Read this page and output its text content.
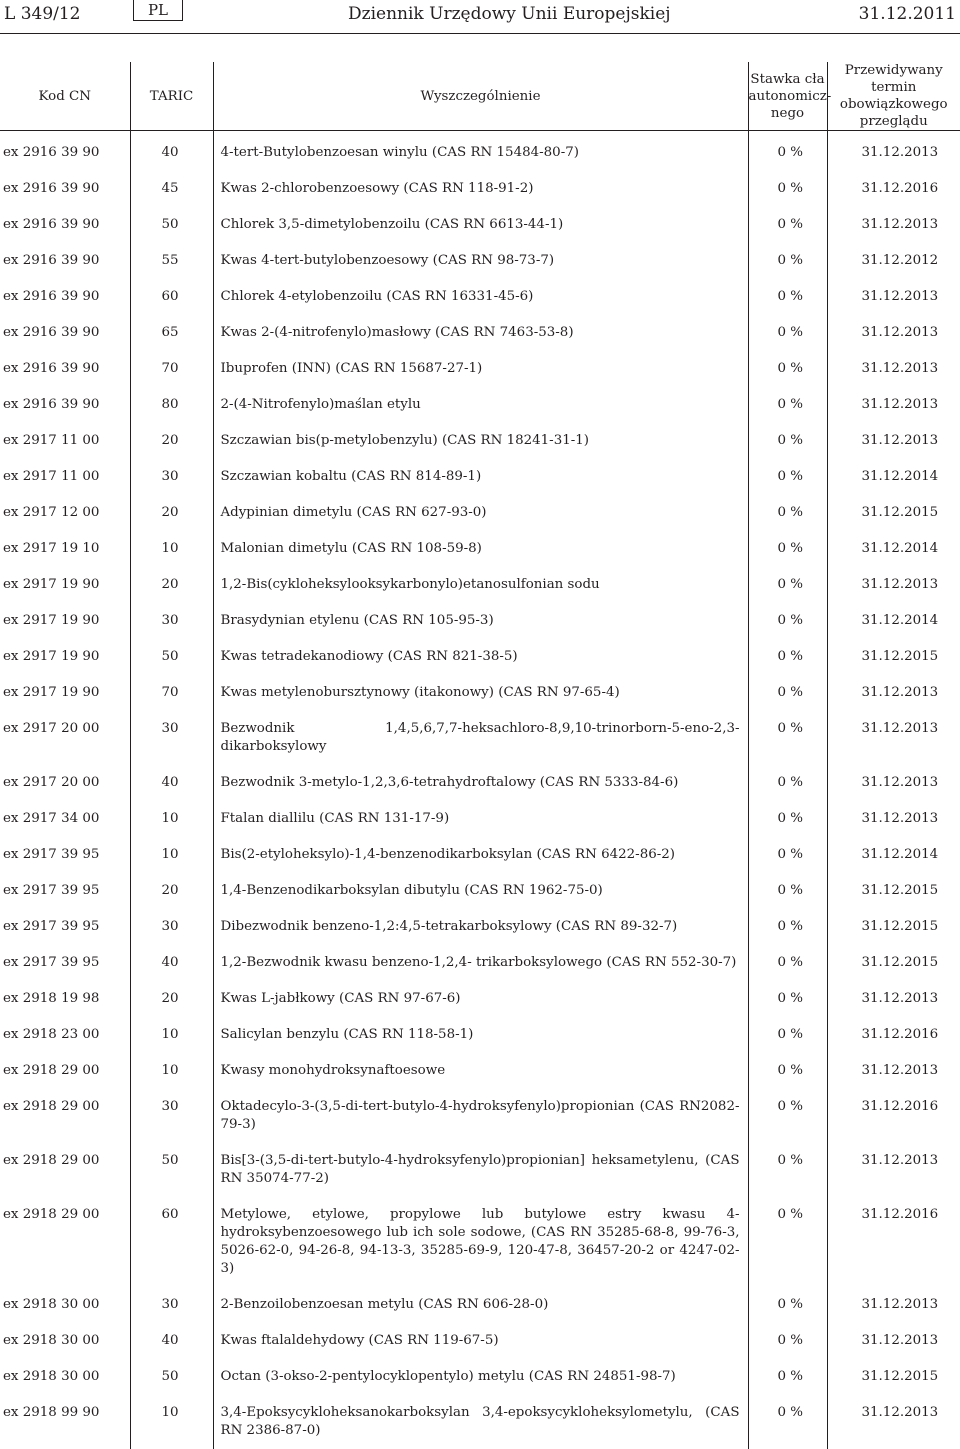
L 349/12	PL	Dziennik Urzędowy Unii Europejskiej	31.12.2011
Kod CN	TARIC	Wyszczególnienie	Stawka cła autonomicz-nego	Przewidywany termin obowiązkowego przeglądu
ex 2916 39 90	40	4-tert-Butylobenzoesan winylu (CAS RN 15484-80-7)	0 %	31.12.2013
ex 2916 39 90	45	Kwas 2-chlorobenzoesowy (CAS RN 118-91-2)	0 %	31.12.2016
ex 2916 39 90	50	Chlorek 3,5-dimetylobenzoilu (CAS RN 6613-44-1)	0 %	31.12.2013
ex 2916 39 90	55	Kwas 4-tert-butylobenzoesowy (CAS RN 98-73-7)	0 %	31.12.2012
ex 2916 39 90	60	Chlorek 4-etylobenzoilu (CAS RN 16331-45-6)	0 %	31.12.2013
ex 2916 39 90	65	Kwas 2-(4-nitrofenylo)masłowy (CAS RN 7463-53-8)	0 %	31.12.2013
ex 2916 39 90	70	Ibuprofen (INN) (CAS RN 15687-27-1)	0 %	31.12.2013
ex 2916 39 90	80	2-(4-Nitrofenylo)maślan etylu	0 %	31.12.2013
ex 2917 11 00	20	Szczawian bis(p-metylobenzylu) (CAS RN 18241-31-1)	0 %	31.12.2013
ex 2917 11 00	30	Szczawian kobaltu (CAS RN 814-89-1)	0 %	31.12.2014
ex 2917 12 00	20	Adypinian dimetylu (CAS RN 627-93-0)	0 %	31.12.2015
ex 2917 19 10	10	Malonian dimetylu (CAS RN 108-59-8)	0 %	31.12.2014
ex 2917 19 90	20	1,2-Bis(cykloheksylooksykarbonylo)etanosulfonian sodu	0 %	31.12.2013
ex 2917 19 90	30	Brasydynian etylenu (CAS RN 105-95-3)	0 %	31.12.2014
ex 2917 19 90	50	Kwas tetradekanodiowy (CAS RN 821-38-5)	0 %	31.12.2015
ex 2917 19 90	70	Kwas metylenobursztynowy (itakonowy) (CAS RN 97-65-4)	0 %	31.12.2013
ex 2917 20 00	30	Bezwodnik 1,4,5,6,7,7-heksachloro-8,9,10-trinorborn-5-eno-2,3-dikarboksylowy	0 %	31.12.2013
ex 2917 20 00	40	Bezwodnik 3-metylo-1,2,3,6-tetrahydroftalowy (CAS RN 5333-84-6)	0 %	31.12.2013
ex 2917 34 00	10	Ftalan diallilu (CAS RN 131-17-9)	0 %	31.12.2013
ex 2917 39 95	10	Bis(2-etyloheksylo)-1,4-benzenodikarboksylan (CAS RN 6422-86-2)	0 %	31.12.2014
ex 2917 39 95	20	1,4-Benzenodikarboksylan dibutylu (CAS RN 1962-75-0)	0 %	31.12.2015
ex 2917 39 95	30	Dibezwodnik benzeno-1,2:4,5-tetrakarboksylowy (CAS RN 89-32-7)	0 %	31.12.2015
ex 2917 39 95	40	1,2-Bezwodnik kwasu benzeno-1,2,4- trikarboksylowego (CAS RN 552-30-7)	0 %	31.12.2015
ex 2918 19 98	20	Kwas L-jabłkowy (CAS RN 97-67-6)	0 %	31.12.2013
ex 2918 23 00	10	Salicylan benzylu (CAS RN 118-58-1)	0 %	31.12.2016
ex 2918 29 00	10	Kwasy monohydroksynaftoesowe	0 %	31.12.2013
ex 2918 29 00	30	Oktadecylo-3-(3,5-di-tert-butylo-4-hydroksyfenylo)propionian (CAS RN2082-79-3)	0 %	31.12.2016
ex 2918 29 00	50	Bis[3-(3,5-di-tert-butylo-4-hydroksyfenylo)propionian] heksametylenu, (CAS RN 35074-77-2)	0 %	31.12.2013
ex 2918 29 00	60	Metylowe, etylowe, propylowe lub butylowe estry kwasu 4-hydroksybenzoesowego lub ich sole sodowe, (CAS RN 35285-68-8, 99-76-3, 5026-62-0, 94-26-8, 94-13-3, 35285-69-9, 120-47-8, 36457-20-2 or 4247-02-3)	0 %	31.12.2016
ex 2918 30 00	30	2-Benzoilobenzoesan metylu (CAS RN 606-28-0)	0 %	31.12.2013
ex 2918 30 00	40	Kwas ftalaldehydowy (CAS RN 119-67-5)	0 %	31.12.2013
ex 2918 30 00	50	Octan (3-okso-2-pentylocyklopentylo) metylu (CAS RN 24851-98-7)	0 %	31.12.2015
ex 2918 99 90	10	3,4-Epoksycykloheksanokarboksylan 3,4-epoksycykloheksylometylu, (CAS RN 2386-87-0)	0 %	31.12.2013
